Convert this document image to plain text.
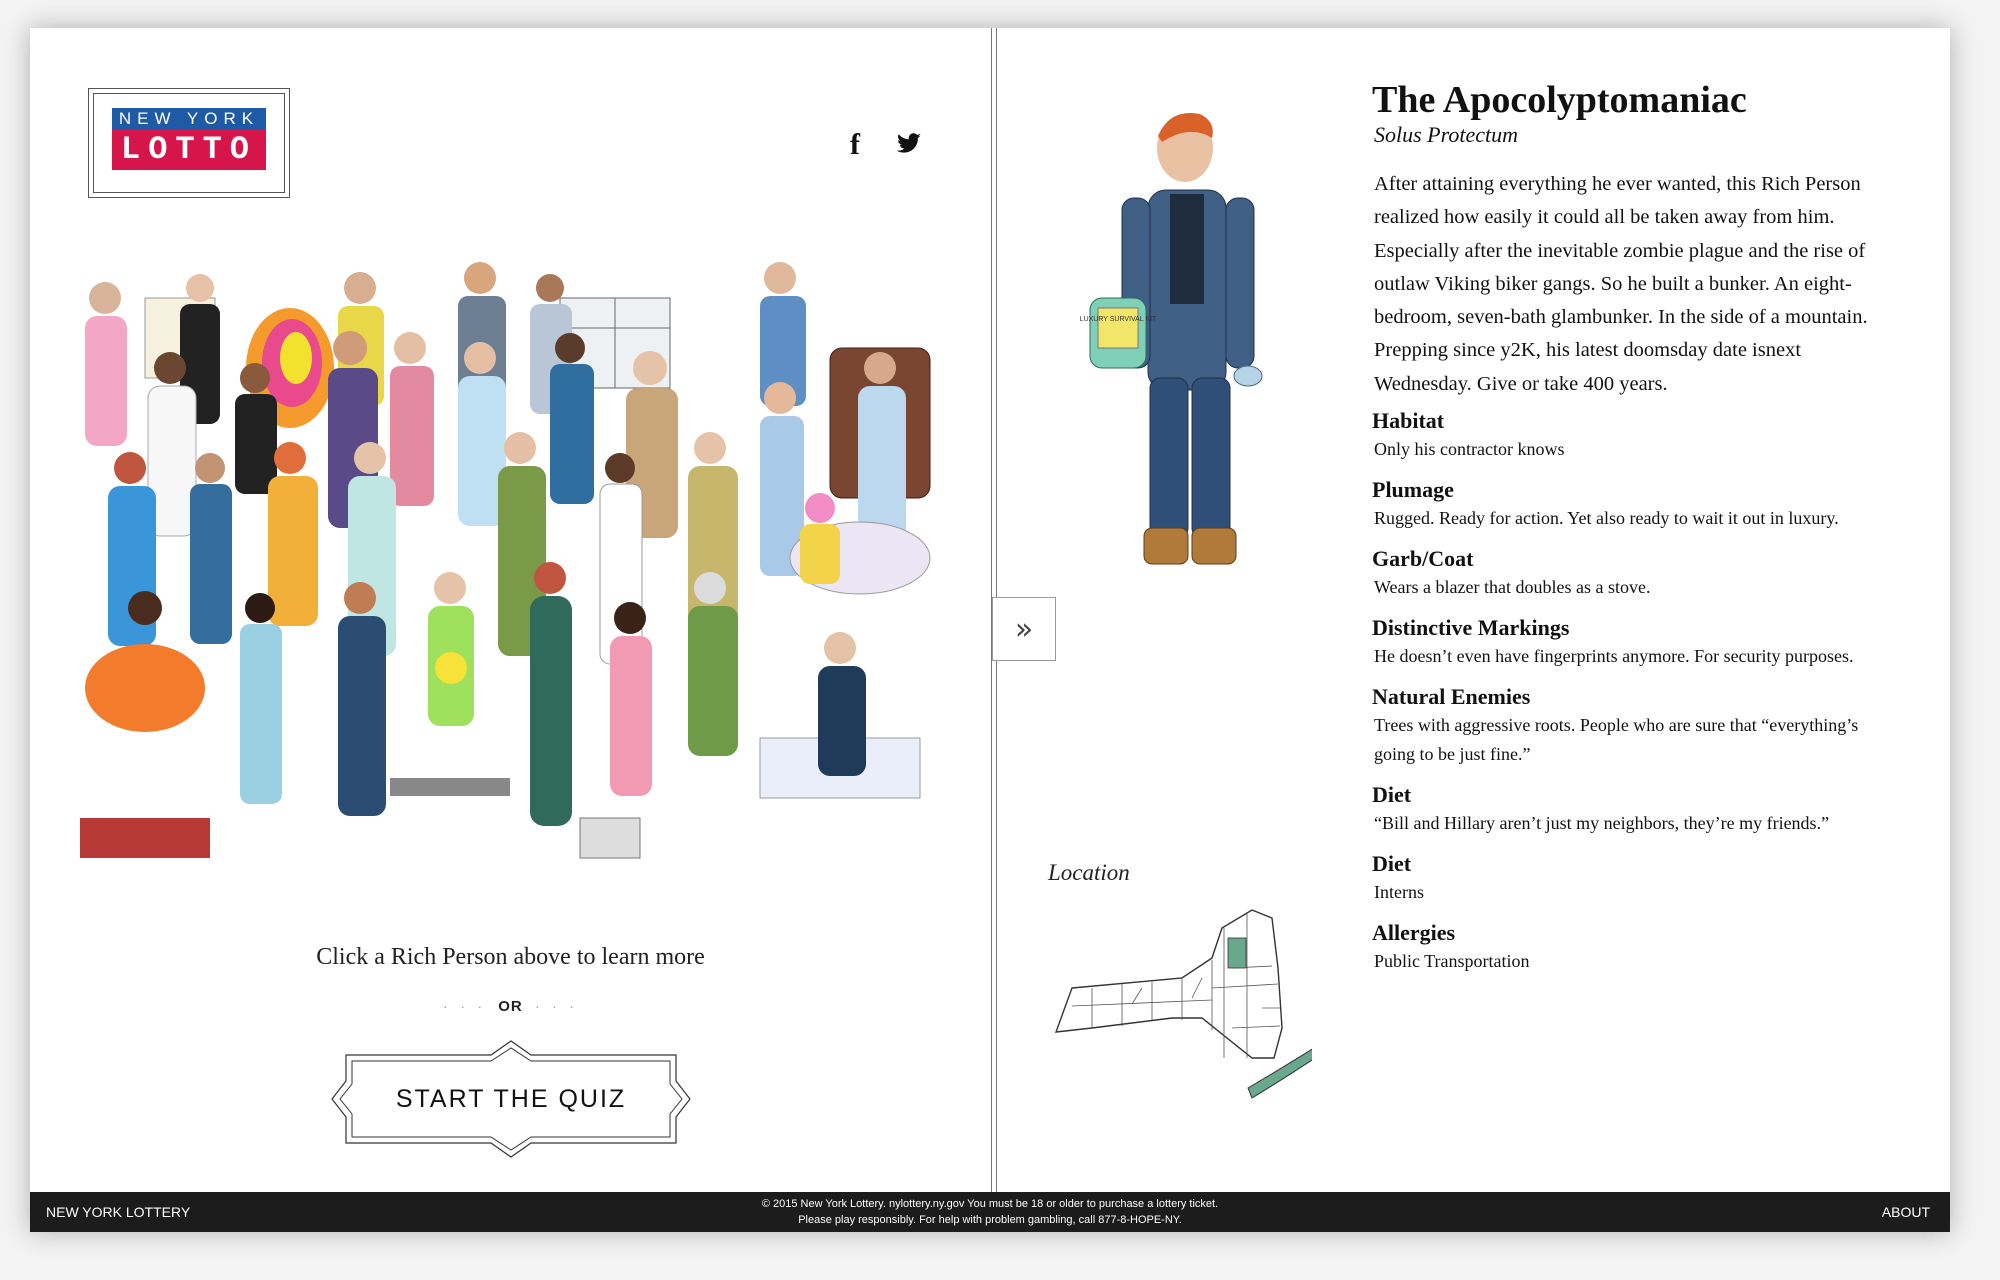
NEW YORK
LOTTO	f
Click a Rich Person above to learn more
· · · OR · · ·
START THE QUIZ
»
LUXURY SURVIVAL KIT
Location
The Apocolyptomaniac
Solus Protectum

After attaining everything he ever wanted, this Rich Person realized how easily it could all be taken away from him. Especially after the inevitable zombie plague and the rise of outlaw Viking biker gangs. So he built a bunker. An eight-bedroom, seven-bath glambunker. In the side of a mountain. Prepping since y2K, his latest doomsday date isnext Wednesday. Give or take 400 years.

Habitat

Only his contractor knows

Plumage

Rugged. Ready for action. Yet also ready to wait it out in luxury.

Garb/Coat

Wears a blazer that doubles as a stove.

Distinctive Markings

He doesn’t even have fingerprints anymore. For security purposes.

Natural Enemies

Trees with aggressive roots. People who are sure that “everything’s going to be just fine.”

Diet

“Bill and Hillary aren’t just my neighbors, they’re my friends.”

Diet

Interns

Allergies

Public Transportation

NEW YORK LOTTERY	© 2015 New York Lottery. nylottery.ny.gov You must be 18 or older to purchase a lottery ticket.
Please play responsibly. For help with problem gambling, call 877-8-HOPE-NY.	ABOUT
